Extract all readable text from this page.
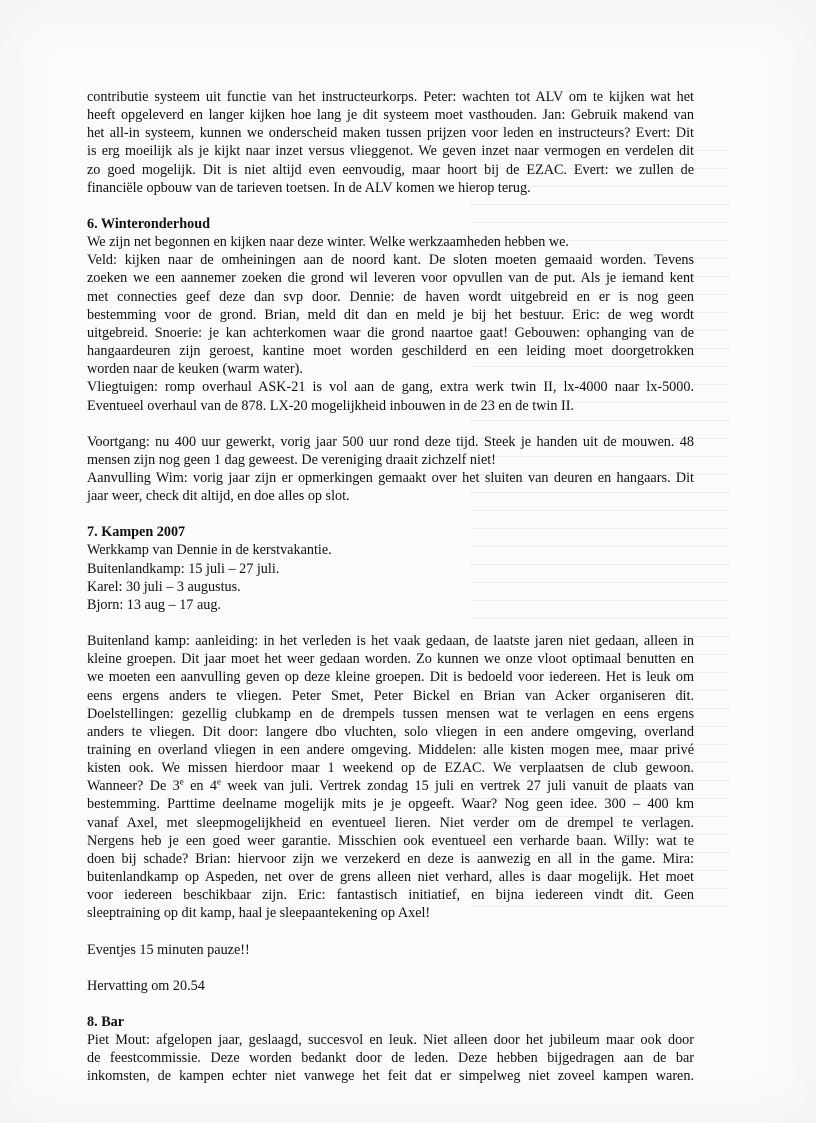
contributie systeem uit functie van het instructeurkorps. Peter: wachten tot ALV om te kijken wat het
heeft opgeleverd en langer kijken hoe lang je dit systeem moet vasthouden. Jan: Gebruik makend van
het all-in systeem, kunnen we onderscheid maken tussen prijzen voor leden en instructeurs? Evert: Dit
is erg moeilijk als je kijkt naar inzet versus vlieggenot. We geven inzet naar vermogen en verdelen dit
zo goed mogelijk. Dit is niet altijd even eenvoudig, maar hoort bij de EZAC. Evert: we zullen de
financiële opbouw van de tarieven toetsen. In de ALV komen we hierop terug.

6. Winteronderhoud

We zijn net begonnen en kijken naar deze winter. Welke werkzaamheden hebben we.

Veld: kijken naar de omheiningen aan de noord kant. De sloten moeten gemaaid worden. Tevens
zoeken we een aannemer zoeken die grond wil leveren voor opvullen van de put. Als je iemand kent
met connecties geef deze dan svp door. Dennie: de haven wordt uitgebreid en er is nog geen
bestemming voor de grond. Brian, meld dit dan en meld je bij het bestuur. Eric: de weg wordt
uitgebreid. Snoerie: je kan achterkomen waar die grond naartoe gaat! Gebouwen: ophanging van de
hangaardeuren zijn geroest, kantine moet worden geschilderd en een leiding moet doorgetrokken
worden naar de keuken (warm water).

Vliegtuigen: romp overhaul ASK-21 is vol aan de gang, extra werk twin II, lx-4000 naar lx-5000.
Eventueel overhaul van de 878. LX-20 mogelijkheid inbouwen in de 23 en de twin II.

Voortgang: nu 400 uur gewerkt, vorig jaar 500 uur rond deze tijd. Steek je handen uit de mouwen. 48
mensen zijn nog geen 1 dag geweest. De vereniging draait zichzelf niet!

Aanvulling Wim: vorig jaar zijn er opmerkingen gemaakt over het sluiten van deuren en hangaars. Dit
jaar weer, check dit altijd, en doe alles op slot.

7. Kampen 2007

Werkkamp van Dennie in de kerstvakantie.
Buitenlandkamp: 15 juli – 27 juli.
Karel: 30 juli – 3 augustus.
Bjorn: 13 aug – 17 aug.

Buitenland kamp: aanleiding: in het verleden is het vaak gedaan, de laatste jaren niet gedaan, alleen in
kleine groepen. Dit jaar moet het weer gedaan worden. Zo kunnen we onze vloot optimaal benutten en
we moeten een aanvulling geven op deze kleine groepen. Dit is bedoeld voor iedereen. Het is leuk om
eens ergens anders te vliegen. Peter Smet, Peter Bickel en Brian van Acker organiseren dit.
Doelstellingen: gezellig clubkamp en de drempels tussen mensen wat te verlagen en eens ergens
anders te vliegen. Dit door: langere dbo vluchten, solo vliegen in een andere omgeving, overland
training en overland vliegen in een andere omgeving. Middelen: alle kisten mogen mee, maar privé
kisten ook. We missen hierdoor maar 1 weekend op de EZAC. We verplaatsen de club gewoon.
Wanneer? De 3e en 4e week van juli. Vertrek zondag 15 juli en vertrek 27 juli vanuit de plaats van
bestemming. Parttime deelname mogelijk mits je je opgeeft. Waar? Nog geen idee. 300 – 400 km
vanaf Axel, met sleepmogelijkheid en eventueel lieren. Niet verder om de drempel te verlagen.
Nergens heb je een goed weer garantie. Misschien ook eventueel een verharde baan. Willy: wat te
doen bij schade? Brian: hiervoor zijn we verzekerd en deze is aanwezig en all in the game. Mira:
buitenlandkamp op Aspeden, net over de grens alleen niet verhard, alles is daar mogelijk. Het moet
voor iedereen beschikbaar zijn. Eric: fantastisch initiatief, en bijna iedereen vindt dit. Geen
sleeptraining op dit kamp, haal je sleepaantekening op Axel!

Eventjes 15 minuten pauze!!

Hervatting om 20.54

8. Bar

Piet Mout: afgelopen jaar, geslaagd, succesvol en leuk. Niet alleen door het jubileum maar ook door
de feestcommissie. Deze worden bedankt door de leden. Deze hebben bijgedragen aan de bar
inkomsten, de kampen echter niet vanwege het feit dat er simpelweg niet zoveel kampen waren.
